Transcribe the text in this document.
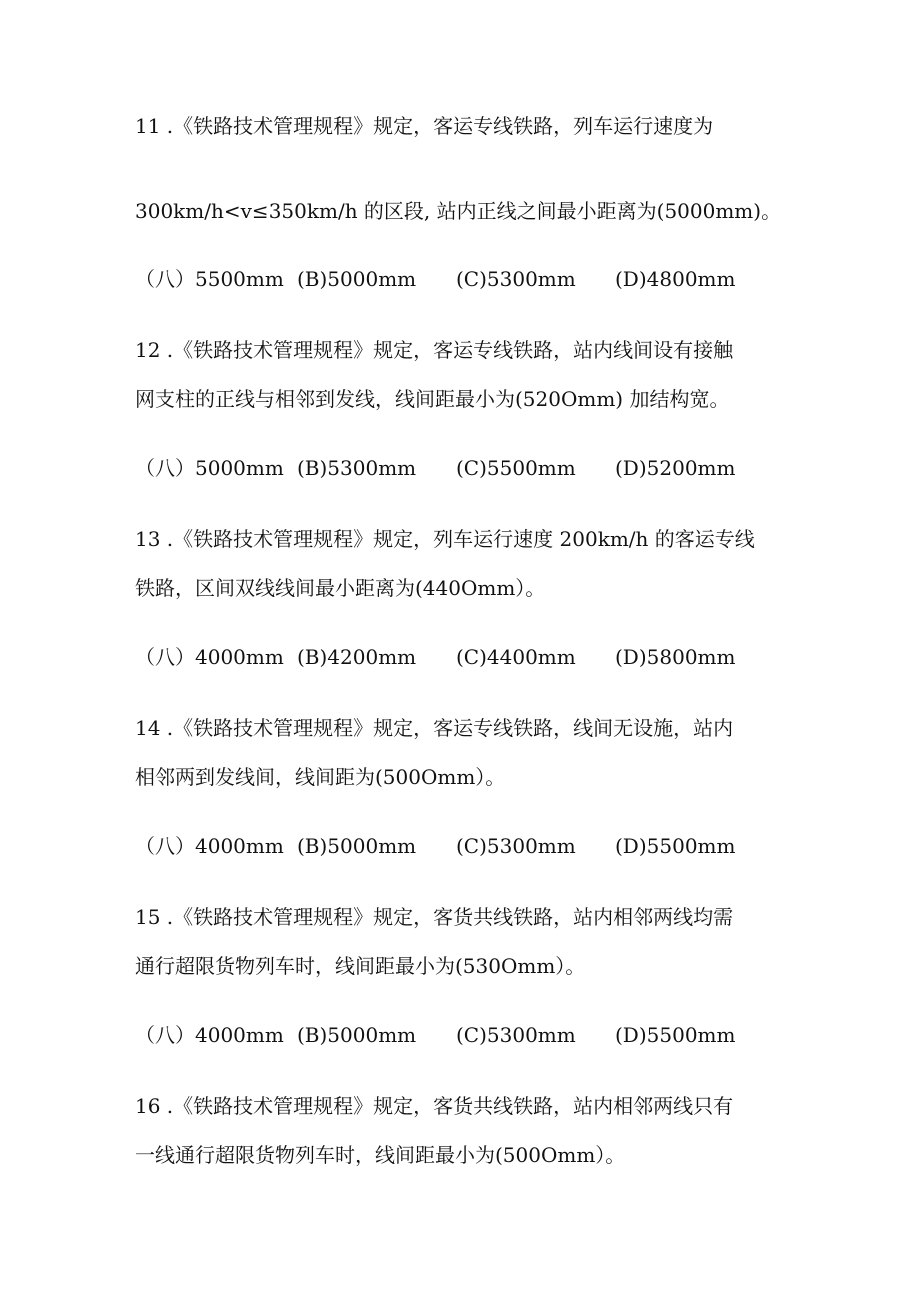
11 .《铁路技术管理规程》规定，客运专线铁路，列车运行速度为
300km/h<v≤350km/h 的区段, 站内正线之间最小距离为(5000mm)。
（八）5500mm (B)5000mm (C)5300mm (D)4800mm
12 .《铁路技术管理规程》规定，客运专线铁路，站内线间设有接触
网支柱的正线与相邻到发线，线间距最小为(520Omm) 加结构宽。
（八）5000mm (B)5300mm (C)5500mm (D)5200mm
13 .《铁路技术管理规程》规定，列车运行速度 200km/h 的客运专线
铁路，区间双线线间最小距离为(440Omm）。
（八）4000mm (B)4200mm (C)4400mm (D)5800mm
14 .《铁路技术管理规程》规定，客运专线铁路，线间无设施，站内
相邻两到发线间，线间距为(500Omm）。
（八）4000mm (B)5000mm (C)5300mm (D)5500mm
15 .《铁路技术管理规程》规定，客货共线铁路，站内相邻两线均需
通行超限货物列车时，线间距最小为(530Omm）。
（八）4000mm (B)5000mm (C)5300mm (D)5500mm
16 .《铁路技术管理规程》规定，客货共线铁路，站内相邻两线只有
一线通行超限货物列车时，线间距最小为(500Omm）。
